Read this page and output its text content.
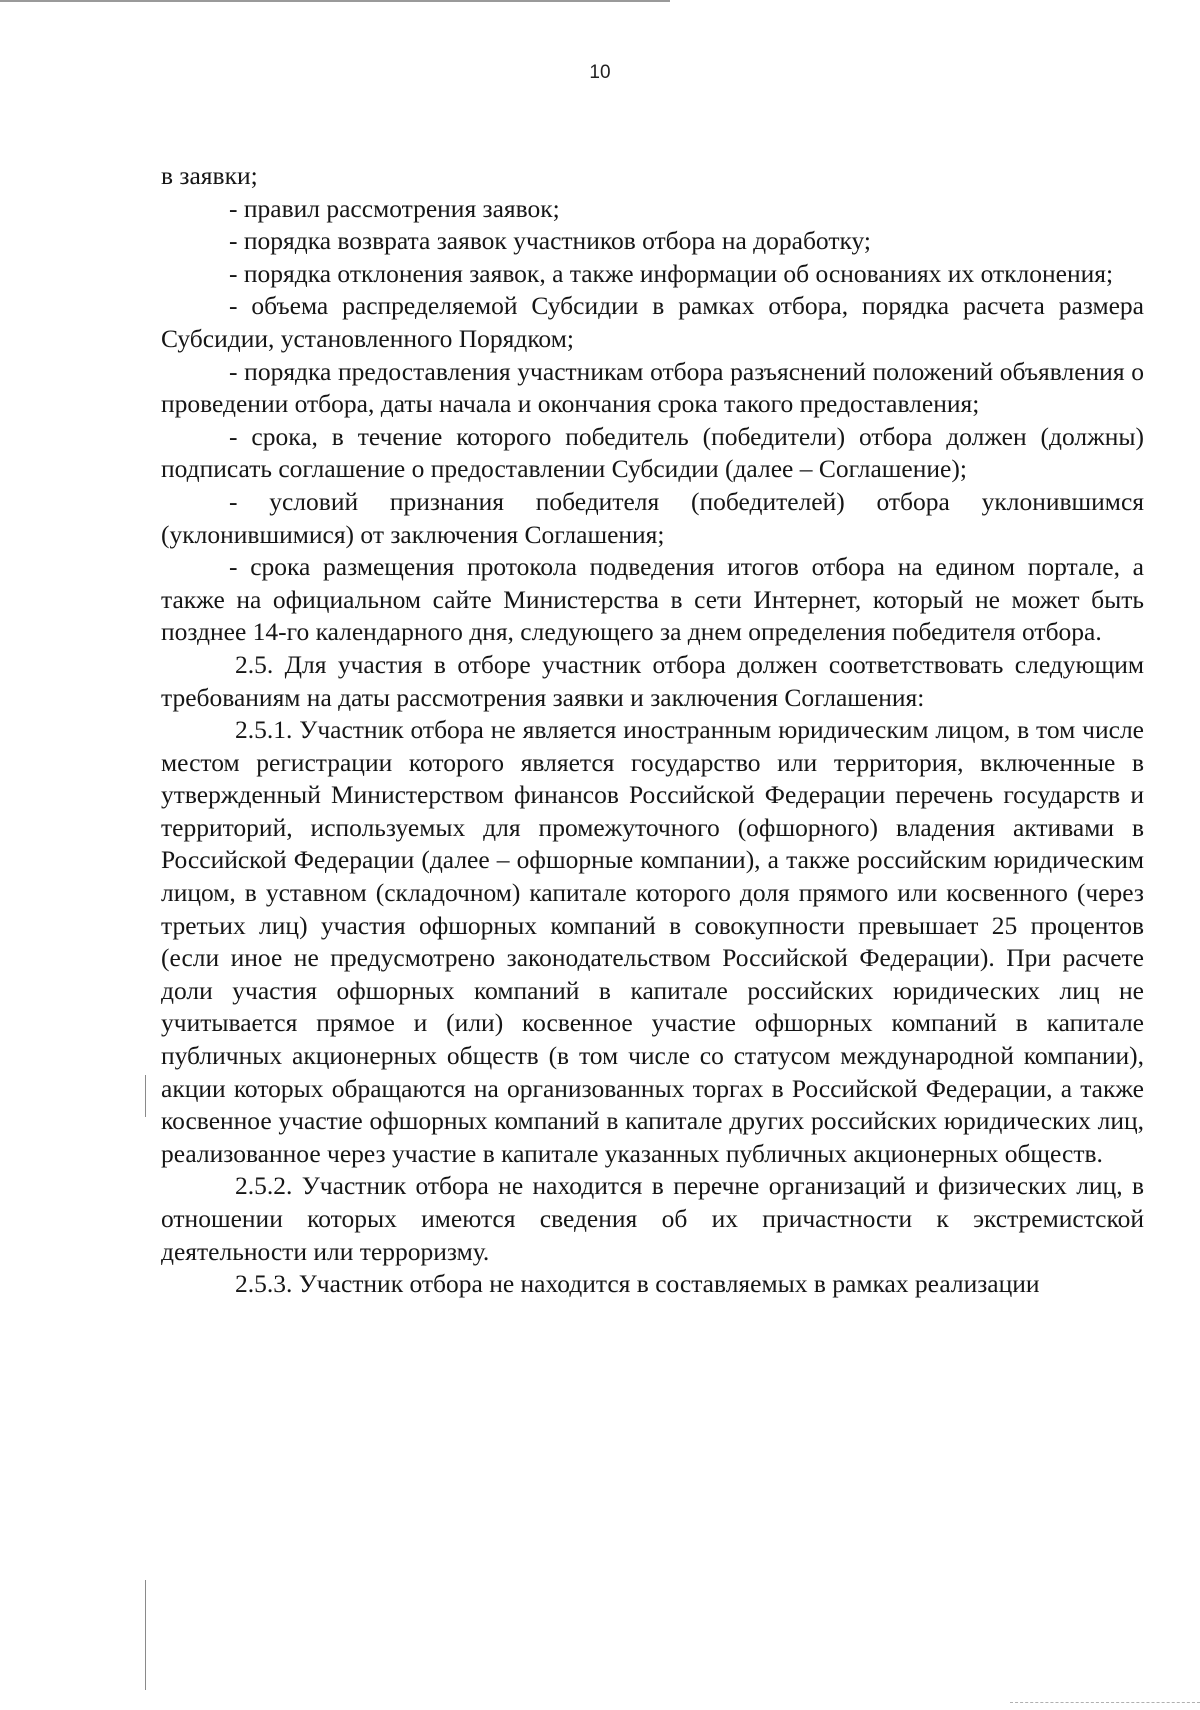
10

в заявки;

- правил рассмотрения заявок;

- порядка возврата заявок участников отбора на доработку;

- порядка отклонения заявок, а также информации об основаниях их отклонения;

- объема распределяемой Субсидии в рамках отбора, порядка расчета размера Субсидии, установленного Порядком;

- порядка предоставления участникам отбора разъяснений положений объявления о проведении отбора, даты начала и окончания срока такого предоставления;

- срока, в течение которого победитель (победители) отбора должен (должны) подписать соглашение о предоставлении Субсидии (далее – Соглашение);

- условий признания победителя (победителей) отбора уклонившимся (уклонившимися) от заключения Соглашения;

- срока размещения протокола подведения итогов отбора на едином портале, а также на официальном сайте Министерства в сети Интернет, который не может быть позднее 14-го календарного дня, следующего за днем определения победителя отбора.

2.5. Для участия в отборе участник отбора должен соответствовать следующим требованиям на даты рассмотрения заявки и заключения Соглашения:

2.5.1. Участник отбора не является иностранным юридическим лицом, в том числе местом регистрации которого является государство или территория, включенные в утвержденный Министерством финансов Российской Федерации перечень государств и территорий, используемых для промежуточного (офшорного) владения активами в Российской Федерации (далее – офшорные компании), а также российским юридическим лицом, в уставном (складочном) капитале которого доля прямого или косвенного (через третьих лиц) участия офшорных компаний в совокупности превышает 25 процентов (если иное не предусмотрено законодательством Российской Федерации). При расчете доли участия офшорных компаний в капитале российских юридических лиц не учитывается прямое и (или) косвенное участие офшорных компаний в капитале публичных акционерных обществ (в том числе со статусом международной компании), акции которых обращаются на организованных торгах в Российской Федерации, а также косвенное участие офшорных компаний в капитале других российских юридических лиц, реализованное через участие в капитале указанных публичных акционерных обществ.

2.5.2. Участник отбора не находится в перечне организаций и физических лиц, в отношении которых имеются сведения об их причастности к экстремистской деятельности или терроризму.

2.5.3. Участник отбора не находится в составляемых в рамках реализации
